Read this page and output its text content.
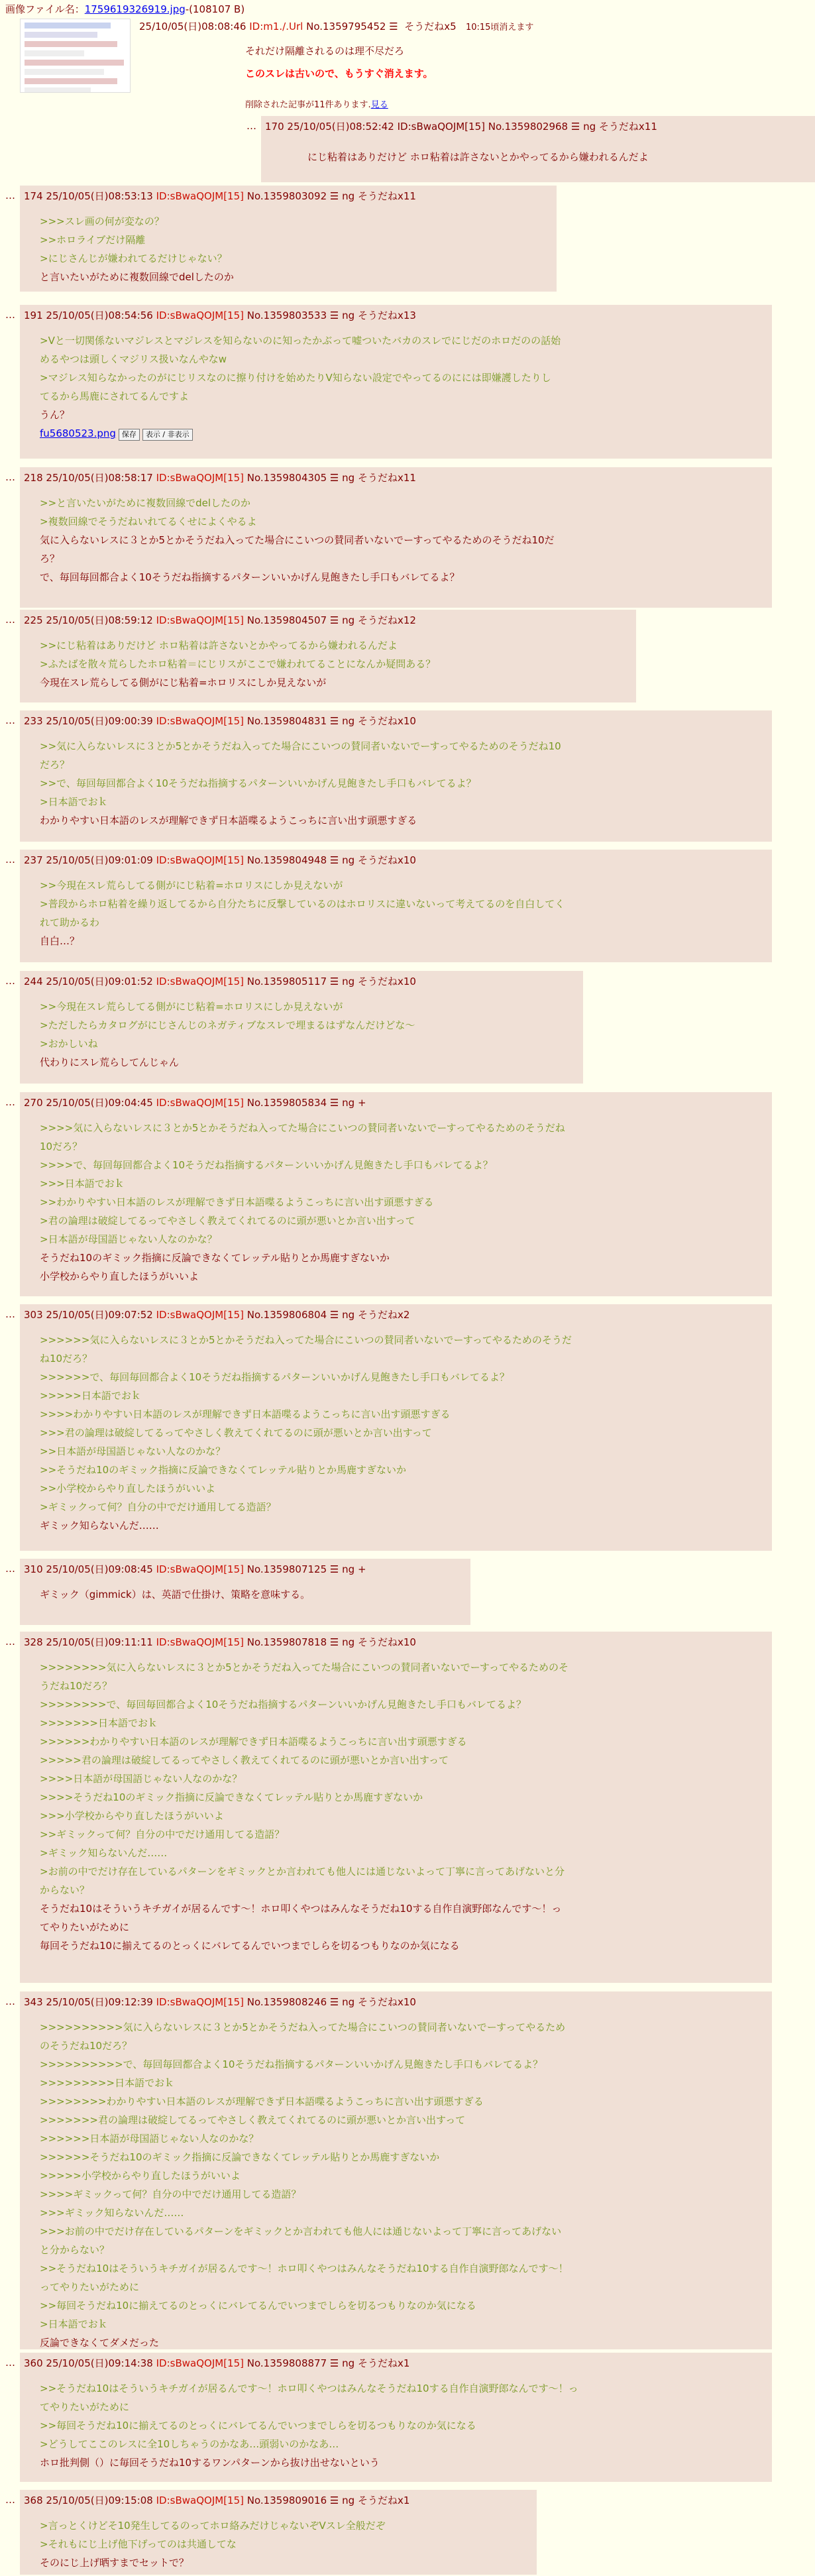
画像ファイル名：1759619326919.jpg-(108107 B)
25/10/05(日)08:08:46 ID:m1./.Url No.1359795452 ☰ そうだねx5 10:15頃消えます
それだけ隔離されるのは理不尽だろ
このスレは古いので、もうすぐ消えます。
削除された記事が11件あります.見る
… 170 25/10/05(日)08:52:42 ID:sBwaQOJM[15] No.1359802968 ☰ ng そうだねx11
にじ粘着はありだけど ホロ粘着は許さないとかやってるから嫌われるんだよ
… 174 25/10/05(日)08:53:13 ID:sBwaQOJM[15] No.1359803092 ☰ ng そうだねx11
>>>スレ画の何が変なの？
>>ホロライブだけ隔離
>にじさんじが嫌われてるだけじゃない？
と言いたいがために複数回線でdelしたのか
… 191 25/10/05(日)08:54:56 ID:sBwaQOJM[15] No.1359803533 ☰ ng そうだねx13
>Vと一切関係ないマジレスとマジレスを知らないのに知ったかぶって嘘ついたバカのスレでにじだのホロだのの話始
めるやつは頭しくマジリス扱いなんやなw
>マジレス知らなかったのがにじリスなのに擦り付けを始めたりV知らない設定でやってるのにには即嫌護したりし
てるから馬鹿にされてるんですよ
うん？
fu5680523.png 保存 表示 / 非表示
… 218 25/10/05(日)08:58:17 ID:sBwaQOJM[15] No.1359804305 ☰ ng そうだねx11
>>と言いたいがために複数回線でdelしたのか
>複数回線でそうだねいれてるくせによくやるよ
気に入らないレスに３とか5とかそうだね入ってた場合にこいつの賛同者いないでーすってやるためのそうだね10だ
ろ？
で、毎回毎回都合よく10そうだね指摘するパターンいいかげん見飽きたし手口もバレてるよ？
… 225 25/10/05(日)08:59:12 ID:sBwaQOJM[15] No.1359804507 ☰ ng そうだねx12
>>にじ粘着はありだけど ホロ粘着は許さないとかやってるから嫌われるんだよ
>ふたばを散々荒らしたホロ粘着＝にじリスがここで嫌われてることになんか疑問ある？
今現在スレ荒らしてる側がにじ粘着=ホロリスにしか見えないが
… 233 25/10/05(日)09:00:39 ID:sBwaQOJM[15] No.1359804831 ☰ ng そうだねx10
>>気に入らないレスに３とか5とかそうだね入ってた場合にこいつの賛同者いないでーすってやるためのそうだね10
だろ？
>>で、毎回毎回都合よく10そうだね指摘するパターンいいかげん見飽きたし手口もバレてるよ？
>日本語でおｋ
わかりやすい日本語のレスが理解できず日本語喋るようこっちに言い出す頭悪すぎる
… 237 25/10/05(日)09:01:09 ID:sBwaQOJM[15] No.1359804948 ☰ ng そうだねx10
>>今現在スレ荒らしてる側がにじ粘着=ホロリスにしか見えないが
>普段からホロ粘着を繰り返してるから自分たちに反撃しているのはホロリスに違いないって考えてるのを自白してく
れて助かるわ
自白…？
… 244 25/10/05(日)09:01:52 ID:sBwaQOJM[15] No.1359805117 ☰ ng そうだねx10
>>今現在スレ荒らしてる側がにじ粘着=ホロリスにしか見えないが
>ただしたらカタログがにじさんじのネガティブなスレで埋まるはずなんだけどな～
>おかしいね
代わりにスレ荒らしてんじゃん
… 270 25/10/05(日)09:04:45 ID:sBwaQOJM[15] No.1359805834 ☰ ng +
>>>>気に入らないレスに３とか5とかそうだね入ってた場合にこいつの賛同者いないでーすってやるためのそうだね
10だろ？
>>>>で、毎回毎回都合よく10そうだね指摘するパターンいいかげん見飽きたし手口もバレてるよ？
>>>日本語でおｋ
>>わかりやすい日本語のレスが理解できず日本語喋るようこっちに言い出す頭悪すぎる
>君の論理は破綻してるってやさしく教えてくれてるのに頭が悪いとか言い出すって
>日本語が母国語じゃない人なのかな？
そうだね10のギミック指摘に反論できなくてレッテル貼りとか馬鹿すぎないか
小学校からやり直したほうがいいよ
… 303 25/10/05(日)09:07:52 ID:sBwaQOJM[15] No.1359806804 ☰ ng そうだねx2
>>>>>>気に入らないレスに３とか5とかそうだね入ってた場合にこいつの賛同者いないでーすってやるためのそうだ
ね10だろ？
>>>>>>で、毎回毎回都合よく10そうだね指摘するパターンいいかげん見飽きたし手口もバレてるよ？
>>>>>日本語でおｋ
>>>>わかりやすい日本語のレスが理解できず日本語喋るようこっちに言い出す頭悪すぎる
>>>君の論理は破綻してるってやさしく教えてくれてるのに頭が悪いとか言い出すって
>>日本語が母国語じゃない人なのかな？
>>そうだね10のギミック指摘に反論できなくてレッテル貼りとか馬鹿すぎないか
>>小学校からやり直したほうがいいよ
>ギミックって何？自分の中でだけ通用してる造語？
ギミック知らないんだ……
… 310 25/10/05(日)09:08:45 ID:sBwaQOJM[15] No.1359807125 ☰ ng +
ギミック（gimmick）は、英語で仕掛け、策略を意味する。
… 328 25/10/05(日)09:11:11 ID:sBwaQOJM[15] No.1359807818 ☰ ng そうだねx10
>>>>>>>>気に入らないレスに３とか5とかそうだね入ってた場合にこいつの賛同者いないでーすってやるためのそ
うだね10だろ？
>>>>>>>>で、毎回毎回都合よく10そうだね指摘するパターンいいかげん見飽きたし手口もバレてるよ？
>>>>>>>日本語でおｋ
>>>>>>わかりやすい日本語のレスが理解できず日本語喋るようこっちに言い出す頭悪すぎる
>>>>>君の論理は破綻してるってやさしく教えてくれてるのに頭が悪いとか言い出すって
>>>>日本語が母国語じゃない人なのかな？
>>>>そうだね10のギミック指摘に反論できなくてレッテル貼りとか馬鹿すぎないか
>>>小学校からやり直したほうがいいよ
>>ギミックって何？自分の中でだけ通用してる造語？
>ギミック知らないんだ……
>お前の中でだけ存在しているパターンをギミックとか言われても他人には通じないよって丁寧に言ってあげないと分
からない？
そうだね10はそういうキチガイが居るんです～！ホロ叩くやつはみんなそうだね10する自作自演野郎なんです～！っ
てやりたいがために
毎回そうだね10に揃えてるのとっくにバレてるんでいつまでしらを切るつもりなのか気になる
… 343 25/10/05(日)09:12:39 ID:sBwaQOJM[15] No.1359808246 ☰ ng そうだねx10
>>>>>>>>>>気に入らないレスに３とか5とかそうだね入ってた場合にこいつの賛同者いないでーすってやるため
のそうだね10だろ？
>>>>>>>>>>で、毎回毎回都合よく10そうだね指摘するパターンいいかげん見飽きたし手口もバレてるよ？
>>>>>>>>>日本語でおｋ
>>>>>>>>わかりやすい日本語のレスが理解できず日本語喋るようこっちに言い出す頭悪すぎる
>>>>>>>君の論理は破綻してるってやさしく教えてくれてるのに頭が悪いとか言い出すって
>>>>>>日本語が母国語じゃない人なのかな？
>>>>>>そうだね10のギミック指摘に反論できなくてレッテル貼りとか馬鹿すぎないか
>>>>>小学校からやり直したほうがいいよ
>>>>ギミックって何？自分の中でだけ通用してる造語？
>>>ギミック知らないんだ……
>>>お前の中でだけ存在しているパターンをギミックとか言われても他人には通じないよって丁寧に言ってあげない
と分からない？
>>そうだね10はそういうキチガイが居るんです～！ホロ叩くやつはみんなそうだね10する自作自演野郎なんです～！
ってやりたいがために
>>毎回そうだね10に揃えてるのとっくにバレてるんでいつまでしらを切るつもりなのか気になる
>日本語でおｋ
反論できなくてダメだった
… 360 25/10/05(日)09:14:38 ID:sBwaQOJM[15] No.1359808877 ☰ ng そうだねx1
>>そうだね10はそういうキチガイが居るんです～！ホロ叩くやつはみんなそうだね10する自作自演野郎なんです～！っ
てやりたいがために
>>毎回そうだね10に揃えてるのとっくにバレてるんでいつまでしらを切るつもりなのか気になる
>どうしてここのレスに全10しちゃうのかなあ…頭弱いのかなあ…
ホロ批判側（）に毎回そうだね10するワンパターンから抜け出せないという
… 368 25/10/05(日)09:15:08 ID:sBwaQOJM[15] No.1359809016 ☰ ng そうだねx1
>言っとくけどそ10発生してるのってホロ絡みだけじゃないぞVスレ全般だぞ
>それもにじ上げ他下げってのは共通してな
そのにじ上げ晒すまでセットで？
